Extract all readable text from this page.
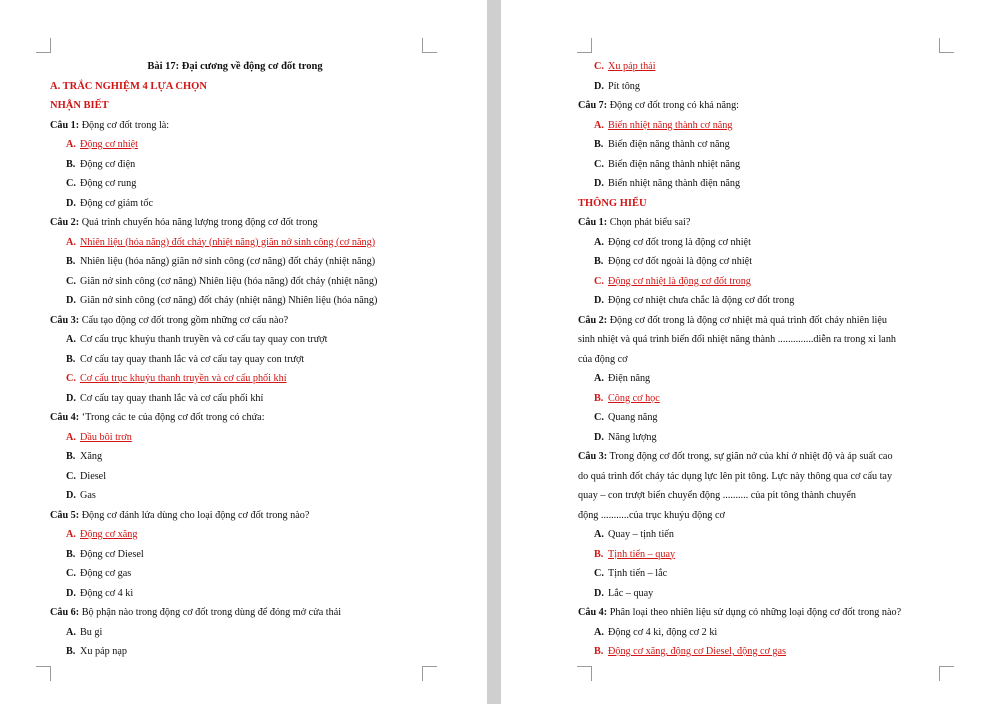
Bài 17: Đại cương về động cơ đốt trong
A. TRẮC NGHIỆM 4 LỰA CHỌN
NHẬN BIẾT
Câu 1: Động cơ đốt trong là:
A. Động cơ nhiệt
B. Động cơ điện
C. Động cơ rung
D. Động cơ giảm tốc
Câu 2: Quá trình chuyển hóa năng lượng trong động cơ đốt trong
A. Nhiên liệu (hóa năng) đốt cháy (nhiệt năng) giãn nở sinh công (cơ năng)
B. Nhiên liệu (hóa năng) giãn nở sinh công (cơ năng) đốt cháy (nhiệt năng)
C. Giãn nở sinh công (cơ năng) Nhiên liệu (hóa năng) đốt cháy (nhiệt năng)
D. Giãn nở sinh công (cơ năng) đốt cháy (nhiệt năng) Nhiên liệu (hóa năng)
Câu 3: Cấu tạo động cơ đốt trong gồm những cơ cấu nào?
A. Cơ cấu trục khuỷu thanh truyền và cơ cấu tay quay con trượt
B. Cơ cấu tay quay thanh lắc và cơ cấu tay quay con trượt
C. Cơ cấu trục khuỷu thanh truyền và cơ cấu phối khí
D. Cơ cấu tay quay thanh lắc và cơ cấu phối khí
Câu 4: ‘Trong các te của động cơ đốt trong có chứa:
A. Dầu bôi trơn
B. Xăng
C. Diesel
D. Gas
Câu 5: Động cơ đánh lửa dùng cho loại động cơ đốt trong nào?
A. Động cơ xăng
B. Động cơ Diesel
C. Động cơ gas
D. Động cơ 4 kì
Câu 6: Bộ phận nào trong động cơ đốt trong dùng để đóng mở cửa thải
A. Bu gi
B. Xu páp nạp
C. Xu páp thải
D. Pít tông
Câu 7: Động cơ đốt trong có khả năng:
A. Biến nhiệt năng thành cơ năng
B. Biến điện năng thành cơ năng
C. Biến điện năng thành nhiệt năng
D. Biến nhiệt năng thành điện năng
THÔNG HIỂU
Câu 1: Chọn phát biểu sai?
A. Động cơ đốt trong là động cơ nhiệt
B. Động cơ đốt ngoài là động cơ nhiệt
C. Động cơ nhiệt là động cơ đốt trong
D. Động cơ nhiệt chưa chắc là động cơ đốt trong
Câu 2: Động cơ đốt trong là động cơ nhiệt mà quá trình đốt cháy nhiên liệu
sinh nhiệt và quá trình biến đổi nhiệt năng thành ..............diễn ra trong xi lanh
của động cơ
A. Điện năng
B. Công cơ học
C. Quang năng
D. Năng lượng
Câu 3: Trong động cơ đốt trong, sự giãn nở của khí ở nhiệt độ và áp suất cao
do quá trình đốt cháy tác dụng lực lên pit tông. Lực này thông qua cơ cấu tay
quay – con trượt biến chuyển động .......... của pit tông thành chuyển
động ...........của trục khuỷu động cơ
A. Quay – tịnh tiến
B. Tịnh tiến – quay
C. Tịnh tiến – lắc
D. Lắc – quay
Câu 4: Phân loại theo nhiên liệu sử dụng có những loại động cơ đốt trong nào?
A. Động cơ 4 kì, động cơ 2 kì
B. Động cơ xăng, động cơ Diesel, động cơ gas
